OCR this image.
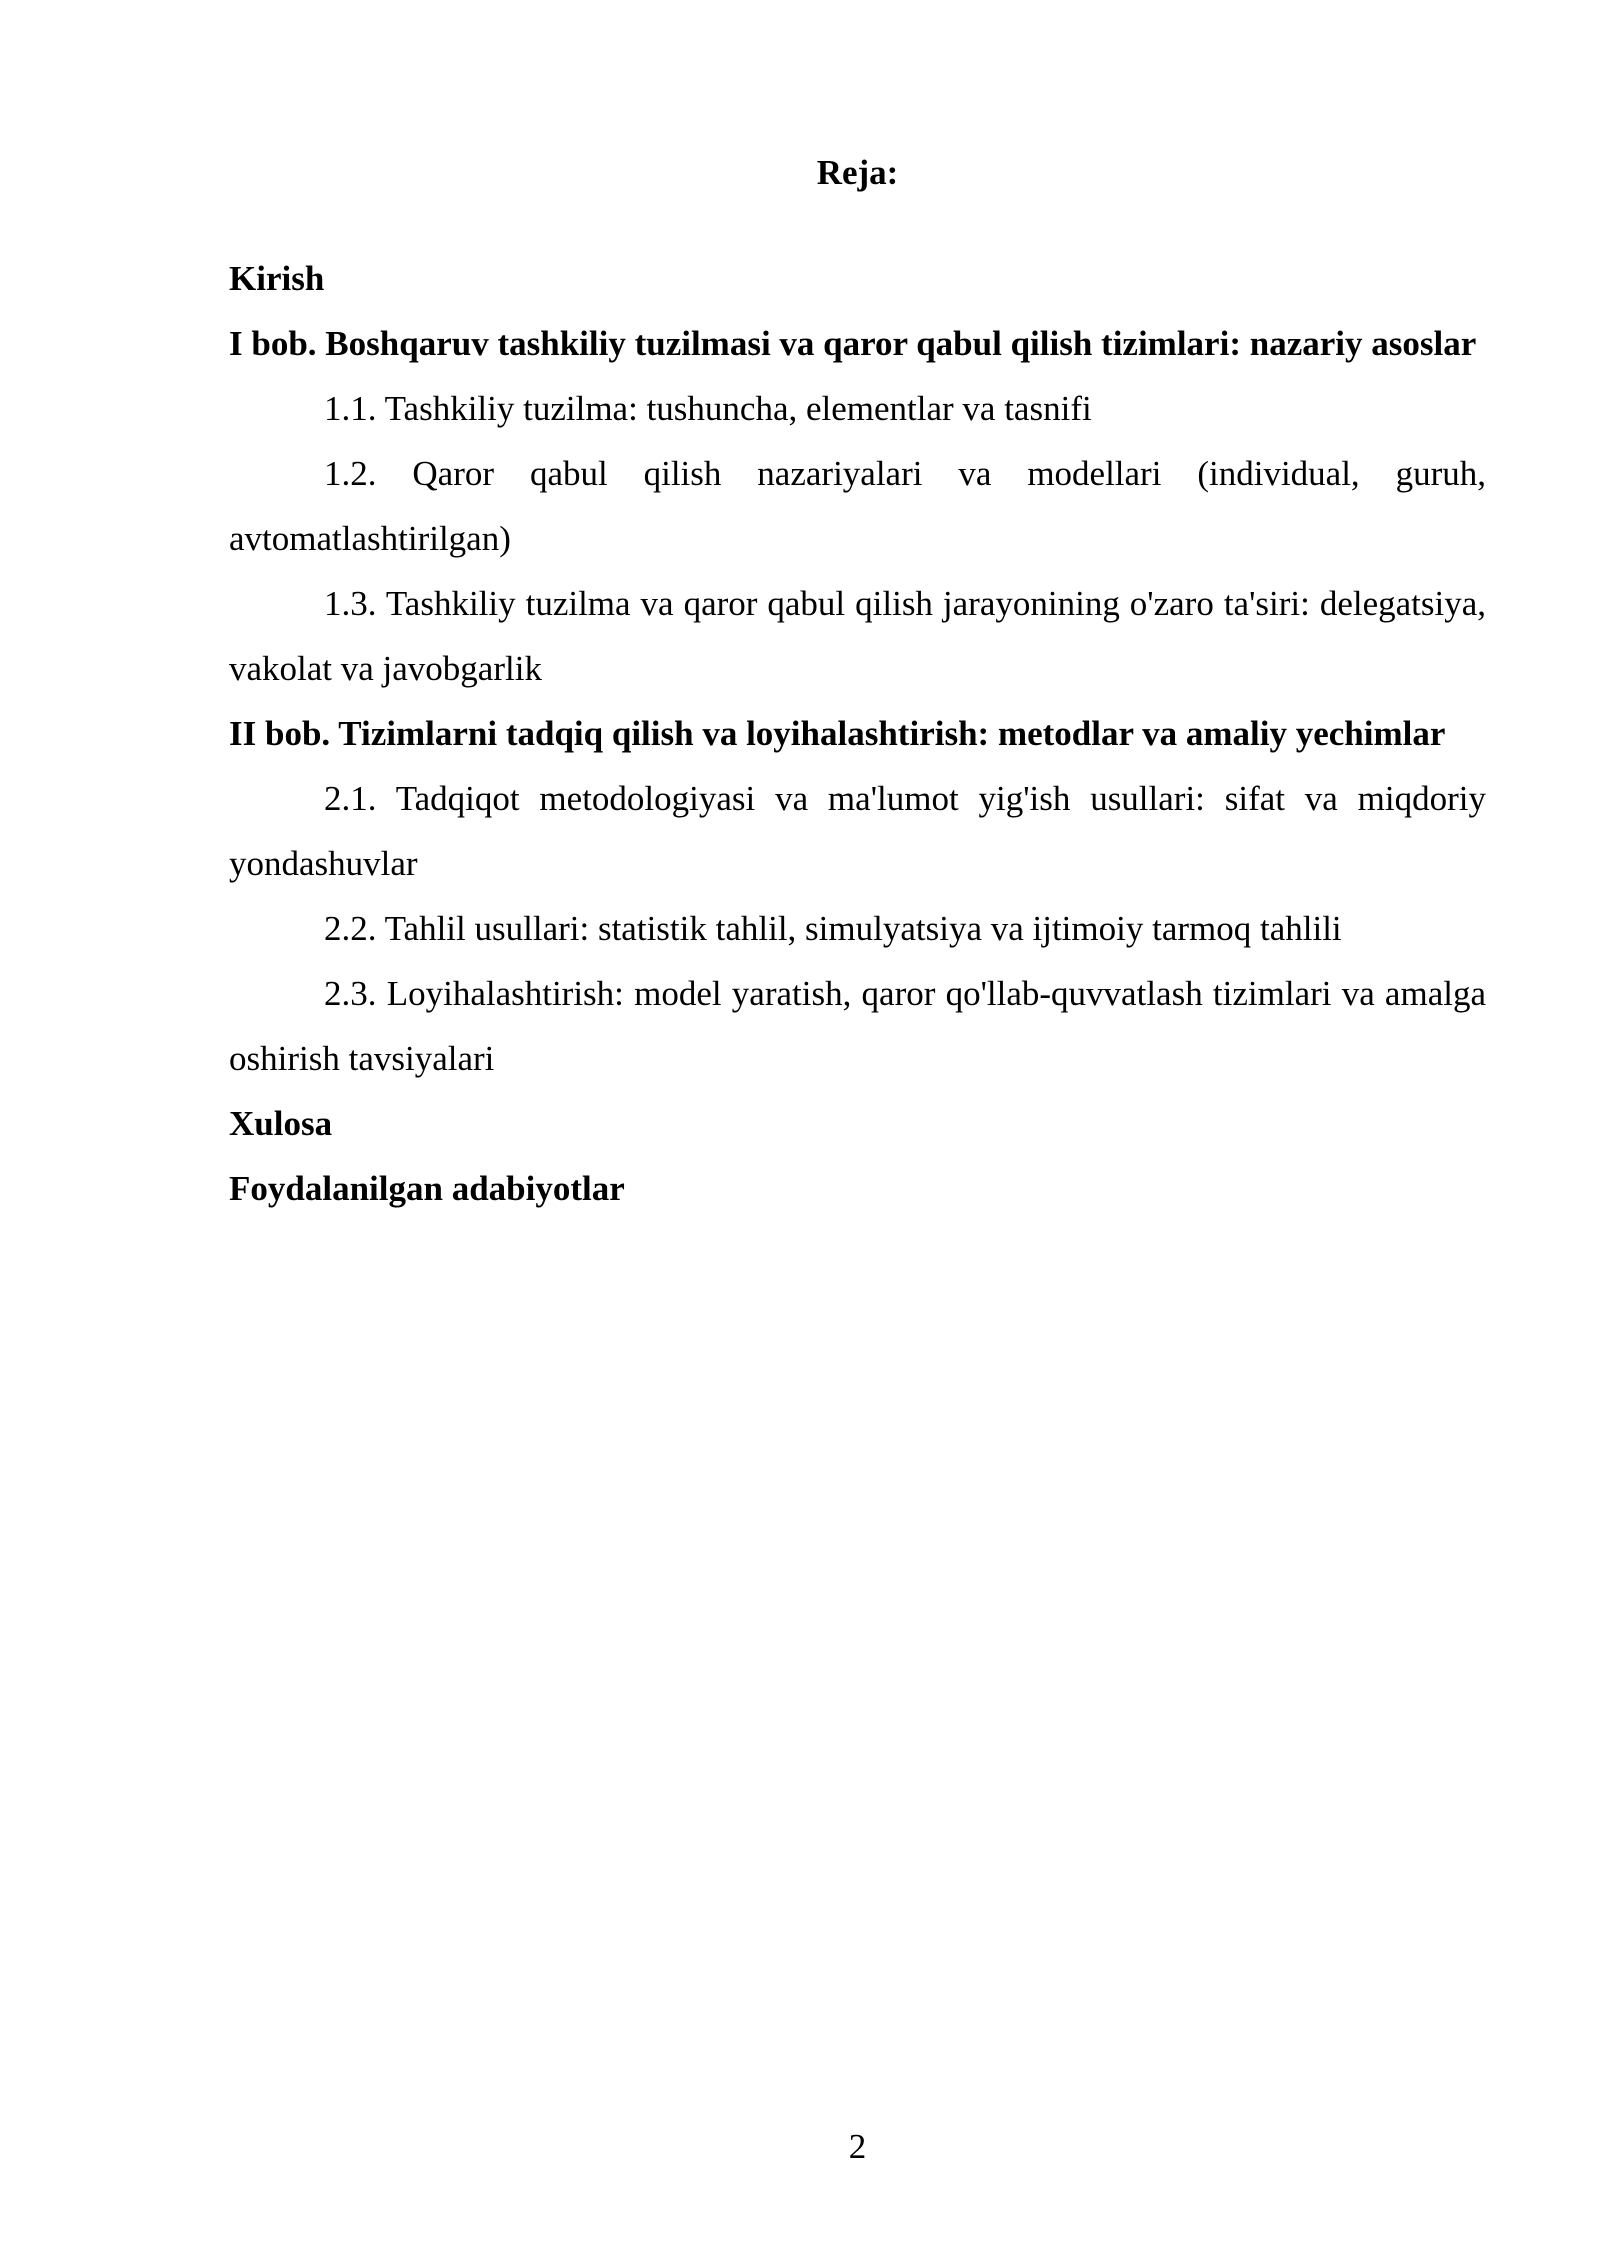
Reja:

Kirish

I bob. Boshqaruv tashkiliy tuzilmasi va qaror qabul qilish tizimlari: nazariy asoslar

1.1. Tashkiliy tuzilma: tushuncha, elementlar va tasnifi

1.2. Qaror qabul qilish nazariyalari va modellari (individual, guruh, avtomatlashtirilgan)

1.3. Tashkiliy tuzilma va qaror qabul qilish jarayonining o'zaro ta'siri: delegatsiya, vakolat va javobgarlik

II bob. Tizimlarni tadqiq qilish va loyihalashtirish: metodlar va amaliy yechimlar

2.1. Tadqiqot metodologiyasi va ma'lumot yig'ish usullari: sifat va miqdoriy yondashuvlar

2.2. Tahlil usullari: statistik tahlil, simulyatsiya va ijtimoiy tarmoq tahlili

2.3. Loyihalashtirish: model yaratish, qaror qo'llab-quvvatlash tizimlari va amalga oshirish tavsiyalari

Xulosa

Foydalanilgan adabiyotlar

2
